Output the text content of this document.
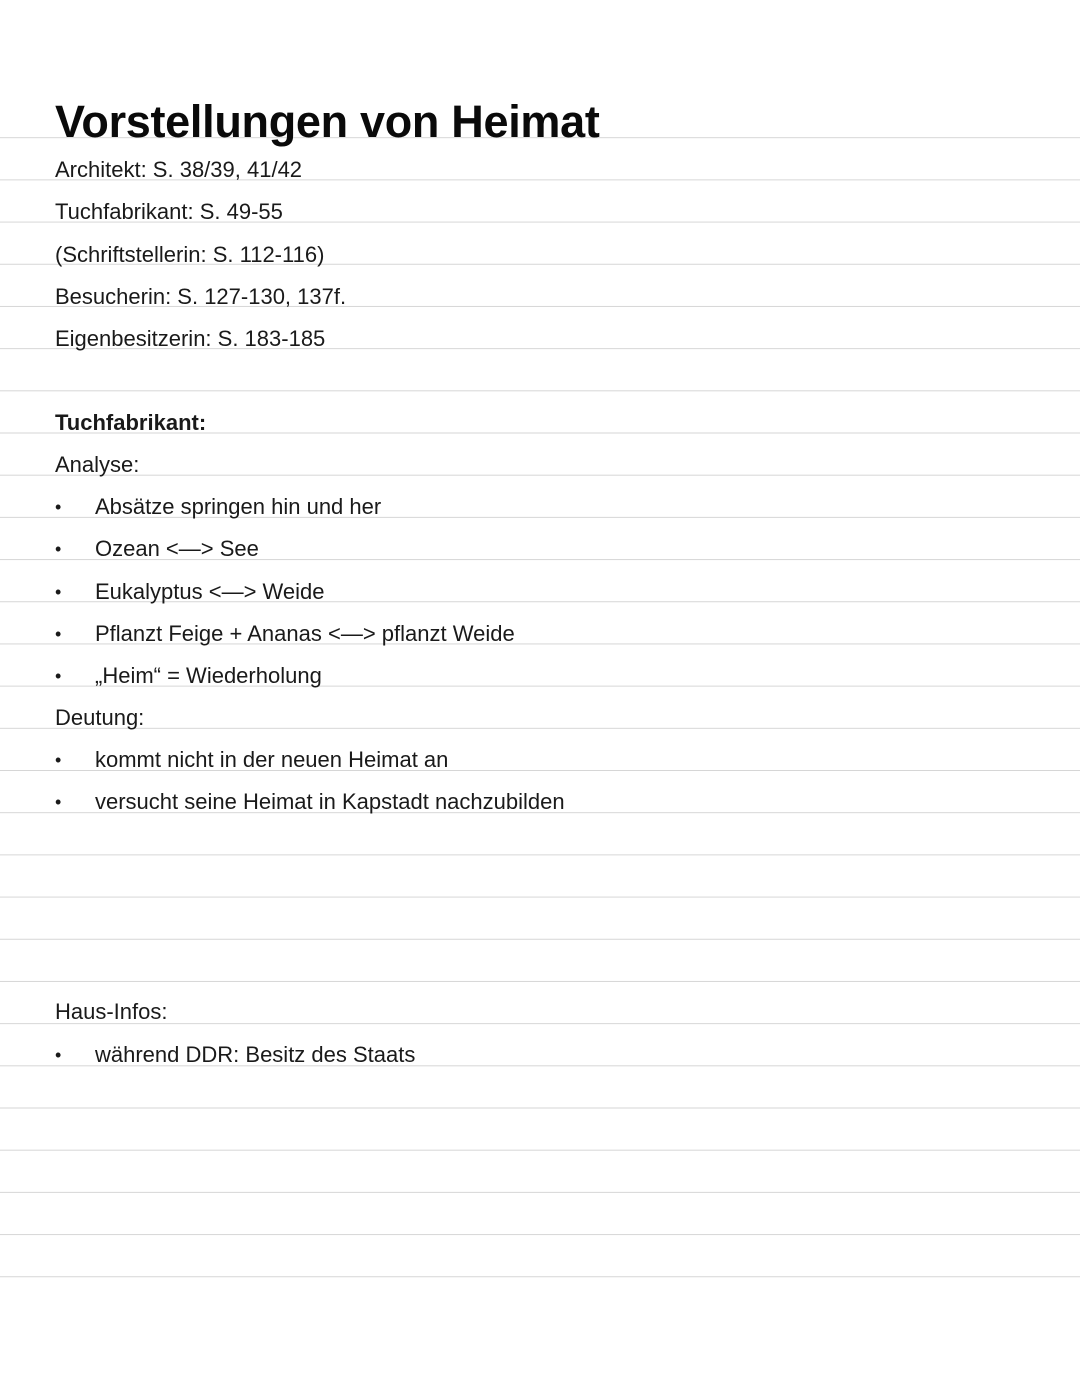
Vorstellungen von Heimat
Architekt: S. 38/39, 41/42
Tuchfabrikant: S. 49-55
(Schriftstellerin: S. 112-116)
Besucherin: S. 127-130, 137f.
Eigenbesitzerin: S. 183-185
Tuchfabrikant:
Analyse:
• Absätze springen hin und her
• Ozean <—> See
• Eukalyptus <—> Weide
• Pflanzt Feige + Ananas <—> pflanzt Weide
• „Heim“ = Wiederholung
Deutung:
• kommt nicht in der neuen Heimat an
• versucht seine Heimat in Kapstadt nachzubilden
Haus-Infos:
• während DDR: Besitz des Staats
